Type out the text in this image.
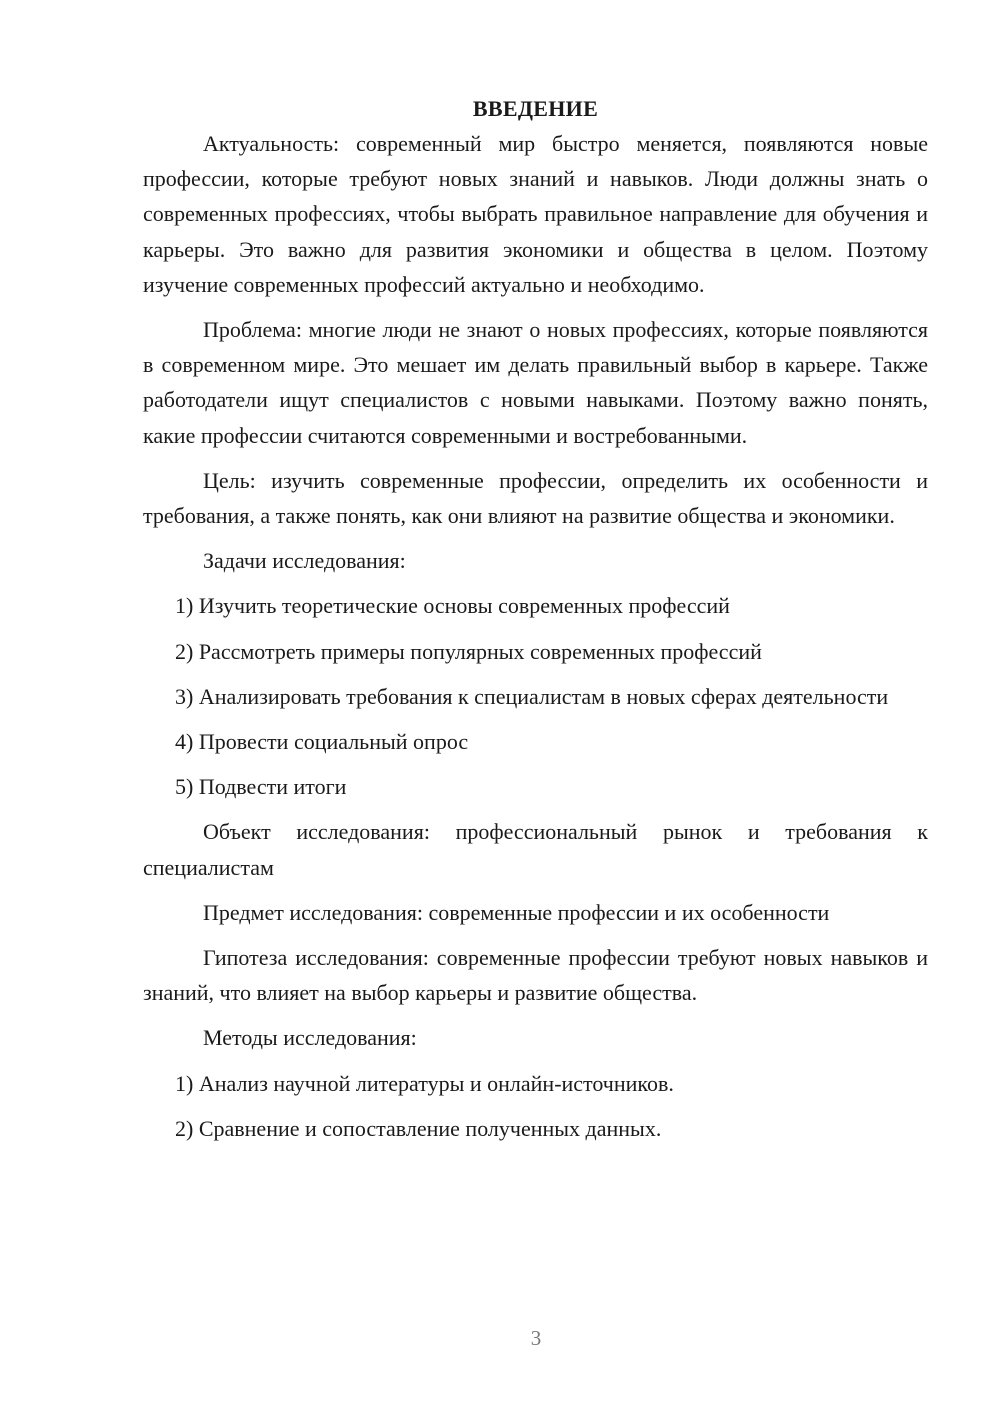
ВВЕДЕНИЕ

Актуальность: современный мир быстро меняется, появляются новые профессии, которые требуют новых знаний и навыков. Люди должны знать о современных профессиях, чтобы выбрать правильное направление для обучения и карьеры. Это важно для развития экономики и общества в целом. Поэтому изучение современных профессий актуально и необходимо.

Проблема: многие люди не знают о новых профессиях, которые появляются в современном мире. Это мешает им делать правильный выбор в карьере. Также работодатели ищут специалистов с новыми навыками. Поэтому важно понять, какие профессии считаются современными и востребованными.

Цель: изучить современные профессии, определить их особенности и требования, а также понять, как они влияют на развитие общества и экономики.

Задачи исследования:

1) Изучить теоретические основы современных профессий

2) Рассмотреть примеры популярных современных профессий

3) Анализировать требования к специалистам в новых сферах деятельности

4) Провести социальный опрос

5) Подвести итоги

Объект исследования: профессиональный рынок и требования к специалистам

Предмет исследования: современные профессии и их особенности

Гипотеза исследования: современные профессии требуют новых навыков и знаний, что влияет на выбор карьеры и развитие общества.

Методы исследования:

1) Анализ научной литературы и онлайн-источников.

2) Сравнение и сопоставление полученных данных.

3
